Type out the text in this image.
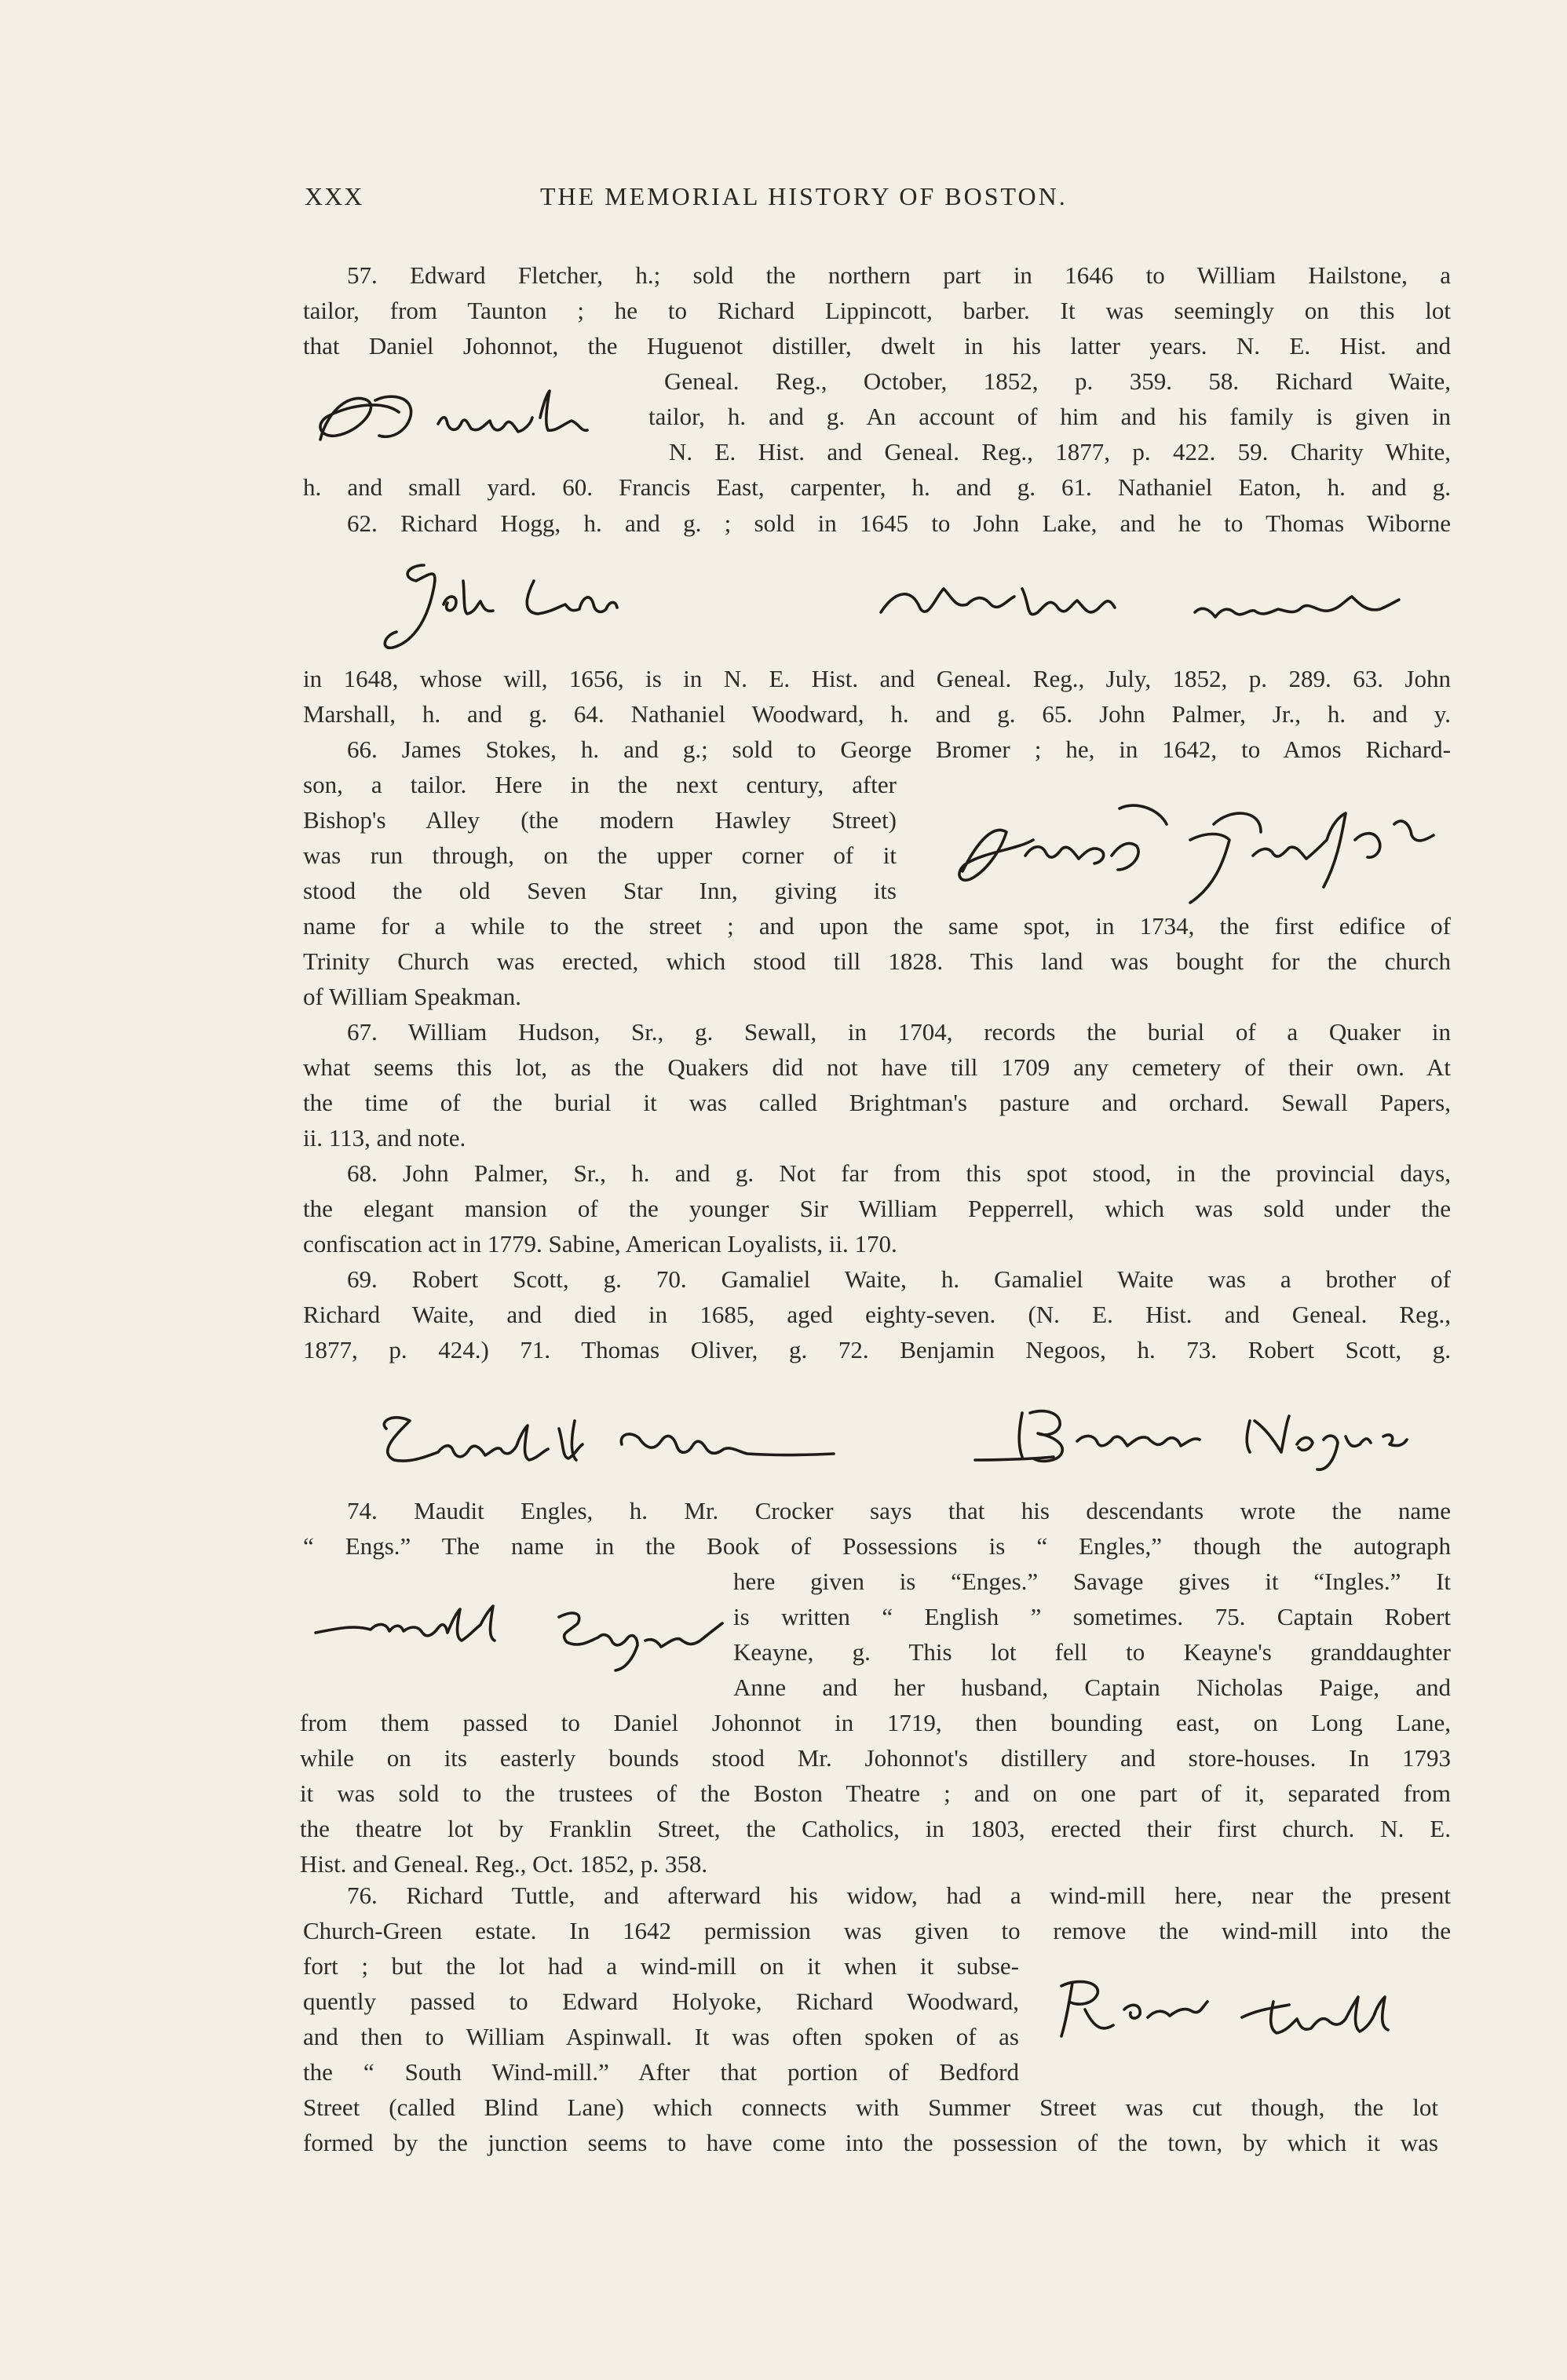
XXX	THE MEMORIAL HISTORY OF BOSTON.
57. Edward Fletcher, h.; sold the northern part in 1646 to William Hailstone, a
tailor, from Taunton ; he to Richard Lippincott, barber. It was seemingly on this lot
that Daniel Johonnot, the Huguenot distiller, dwelt in his latter years. N. E. Hist. and
Geneal. Reg., October, 1852, p. 359. 58. Richard Waite,
tailor, h. and g. An account of him and his family is given in
N. E. Hist. and Geneal. Reg., 1877, p. 422. 59. Charity White,
h. and small yard. 60. Francis East, carpenter, h. and g. 61. Nathaniel Eaton, h. and g.
62. Richard Hogg, h. and g. ; sold in 1645 to John Lake, and he to Thomas Wiborne
in 1648, whose will, 1656, is in N. E. Hist. and Geneal. Reg., July, 1852, p. 289. 63. John
Marshall, h. and g. 64. Nathaniel Woodward, h. and g. 65. John Palmer, Jr., h. and y.
66. James Stokes, h. and g.; sold to George Bromer ; he, in 1642, to Amos Richard-
son, a tailor. Here in the next century, after
Bishop's Alley (the modern Hawley Street)
was run through, on the upper corner of it
stood the old Seven Star Inn, giving its
name for a while to the street ; and upon the same spot, in 1734, the first edifice of
Trinity Church was erected, which stood till 1828. This land was bought for the church
of William Speakman.
67. William Hudson, Sr., g. Sewall, in 1704, records the burial of a Quaker in
what seems this lot, as the Quakers did not have till 1709 any cemetery of their own. At
the time of the burial it was called Brightman's pasture and orchard. Sewall Papers,
ii. 113, and note.
68. John Palmer, Sr., h. and g. Not far from this spot stood, in the provincial days,
the elegant mansion of the younger Sir William Pepperrell, which was sold under the
confiscation act in 1779. Sabine, American Loyalists, ii. 170.
69. Robert Scott, g. 70. Gamaliel Waite, h. Gamaliel Waite was a brother of
Richard Waite, and died in 1685, aged eighty-seven. (N. E. Hist. and Geneal. Reg.,
1877, p. 424.) 71. Thomas Oliver, g. 72. Benjamin Negoos, h. 73. Robert Scott, g.
74. Maudit Engles, h. Mr. Crocker says that his descendants wrote the name
“ Engs.” The name in the Book of Possessions is “ Engles,” though the autograph
here given is “Enges.” Savage gives it “Ingles.” It
is written “ English ” sometimes. 75. Captain Robert
Keayne, g. This lot fell to Keayne's granddaughter
Anne and her husband, Captain Nicholas Paige, and
from them passed to Daniel Johonnot in 1719, then bounding east, on Long Lane,
while on its easterly bounds stood Mr. Johonnot's distillery and store-houses. In 1793
it was sold to the trustees of the Boston Theatre ; and on one part of it, separated from
the theatre lot by Franklin Street, the Catholics, in 1803, erected their first church. N. E.
Hist. and Geneal. Reg., Oct. 1852, p. 358.
76. Richard Tuttle, and afterward his widow, had a wind-mill here, near the present
Church-Green estate. In 1642 permission was given to remove the wind-mill into the
fort ; but the lot had a wind-mill on it when it subse-
quently passed to Edward Holyoke, Richard Woodward,
and then to William Aspinwall. It was often spoken of as
the “ South Wind-mill.” After that portion of Bedford
Street (called Blind Lane) which connects with Summer Street was cut though, the lot
formed by the junction seems to have come into the possession of the town, by which it was
